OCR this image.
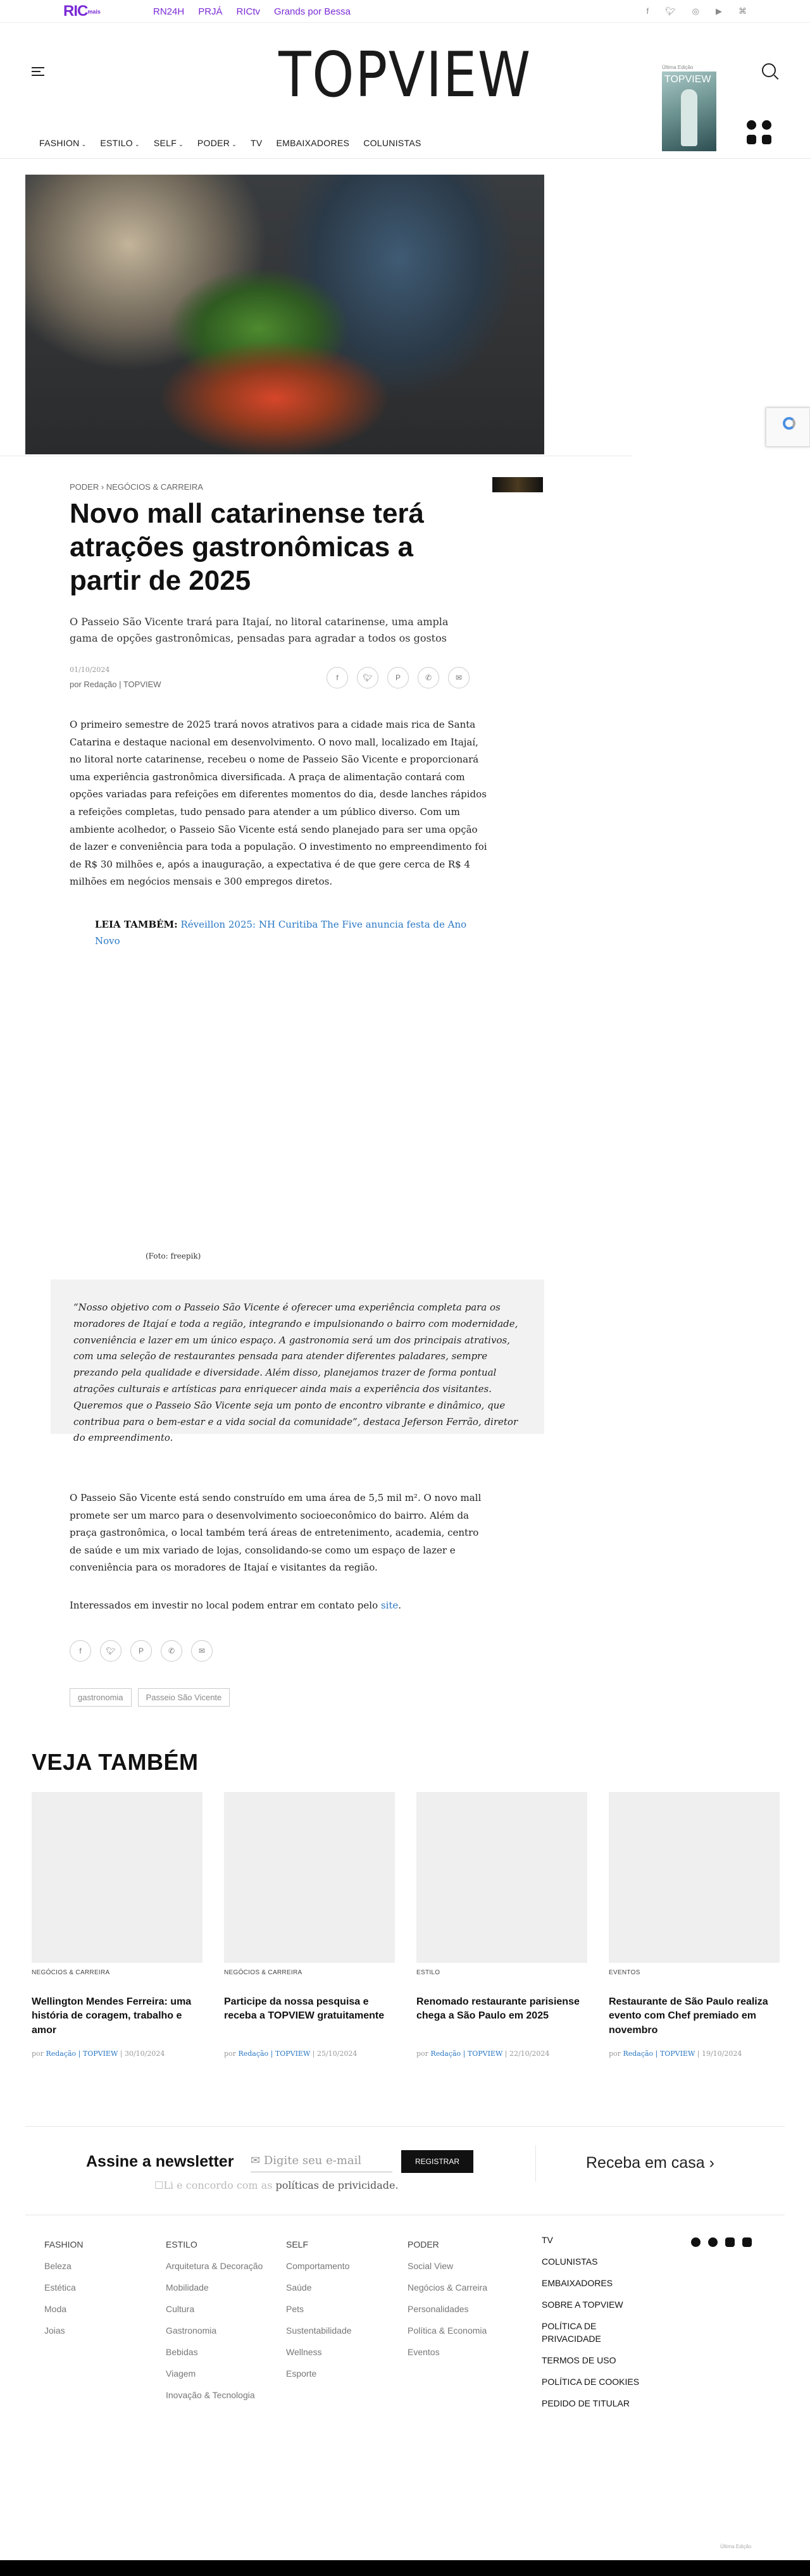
RICmais	RN24H PRJÁ RICtv Grands por Bessa	f 🐦︎ ◎ ▶ ⌘
TOPVIEW	Última Edição
TOPVIEW
FASHION ⌄ ESTILO ⌄ SELF ⌄ PODER ⌄ TV EMBAIXADORES COLUNISTAS
PODER › NEGÓCIOS & CARREIRA
Novo mall catarinense terá atrações gastronômicas a partir de 2025

O Passeio São Vicente trará para Itajaí, no litoral catarinense, uma ampla gama de opções gastronômicas, pensadas para agradar a todos os gostos

01/10/2024
por Redação | TOPVIEW
f	🐦︎	P	✆	✉

O primeiro semestre de 2025 trará novos atrativos para a cidade mais rica de Santa Catarina e destaque nacional em desenvolvimento. O novo mall, localizado em Itajaí, no litoral norte catarinense, recebeu o nome de Passeio São Vicente e proporcionará uma experiência gastronômica diversificada. A praça de alimentação contará com opções variadas para refeições em diferentes momentos do dia, desde lanches rápidos a refeições completas, tudo pensado para atender a um público diverso. Com um ambiente acolhedor, o Passeio São Vicente está sendo planejado para ser uma opção de lazer e conveniência para toda a população. O investimento no empreendimento foi de R$ 30 milhões e, após a inauguração, a expectativa é de que gere cerca de R$ 4 milhões em negócios mensais e 300 empregos diretos.

LEIA TAMBÉM: Réveillon 2025: NH Curitiba The Five anuncia festa de Ano Novo
(Foto: freepik)
“Nosso objetivo com o Passeio São Vicente é oferecer uma experiência completa para os moradores de Itajaí e toda a região, integrando e impulsionando o bairro com modernidade, conveniência e lazer em um único espaço. A gastronomia será um dos principais atrativos, com uma seleção de restaurantes pensada para atender diferentes paladares, sempre prezando pela qualidade e diversidade. Além disso, planejamos trazer de forma pontual atrações culturais e artísticas para enriquecer ainda mais a experiência dos visitantes. Queremos que o Passeio São Vicente seja um ponto de encontro vibrante e dinâmico, que contribua para o bem-estar e a vida social da comunidade”, destaca Jeferson Ferrão, diretor do empreendimento.

O Passeio São Vicente está sendo construído em uma área de 5,5 mil m². O novo mall promete ser um marco para o desenvolvimento socioeconômico do bairro. Além da praça gastronômica, o local também terá áreas de entretenimento, academia, centro de saúde e um mix variado de lojas, consolidando-se como um espaço de lazer e conveniência para os moradores de Itajaí e visitantes da região.

Interessados em investir no local podem entrar em contato pelo site.

f	🐦︎	P	✆	✉
gastronomia	Passeio São Vicente
VEJA TAMBÉM
NEGÓCIOS & CARREIRA
Wellington Mendes Ferreira: uma história de coragem, trabalho e amor
por Redação | TOPVIEW | 30/10/2024
NEGÓCIOS & CARREIRA
Participe da nossa pesquisa e receba a TOPVIEW gratuitamente
por Redação | TOPVIEW | 25/10/2024
ESTILO
Renomado restaurante parisiense chega a São Paulo em 2025
por Redação | TOPVIEW | 22/10/2024
EVENTOS
Restaurante de São Paulo realiza evento com Chef premiado em novembro
por Redação | TOPVIEW | 19/10/2024
Assine a newsletter ✉ Digite seu e-mail	REGISTRAR
☐Li e concordo com as políticas de privicidade.
Receba em casa ›
FASHION
Beleza
Estética
Moda
Joias
ESTILO
Arquitetura & Decoração
Mobilidade
Cultura
Gastronomia
Bebidas
Viagem
Inovação & Tecnologia
SELF
Comportamento
Saúde
Pets
Sustentabilidade
Wellness
Esporte
PODER
Social View
Negócios & Carreira
Personalidades
Política & Economia
Eventos
TV
COLUNISTAS
EMBAIXADORES
SOBRE A TOPVIEW
POLÍTICA DE PRIVACIDADE
TERMOS DE USO
POLÍTICA DE COOKIES
PEDIDO DE TITULAR
Última Edição
